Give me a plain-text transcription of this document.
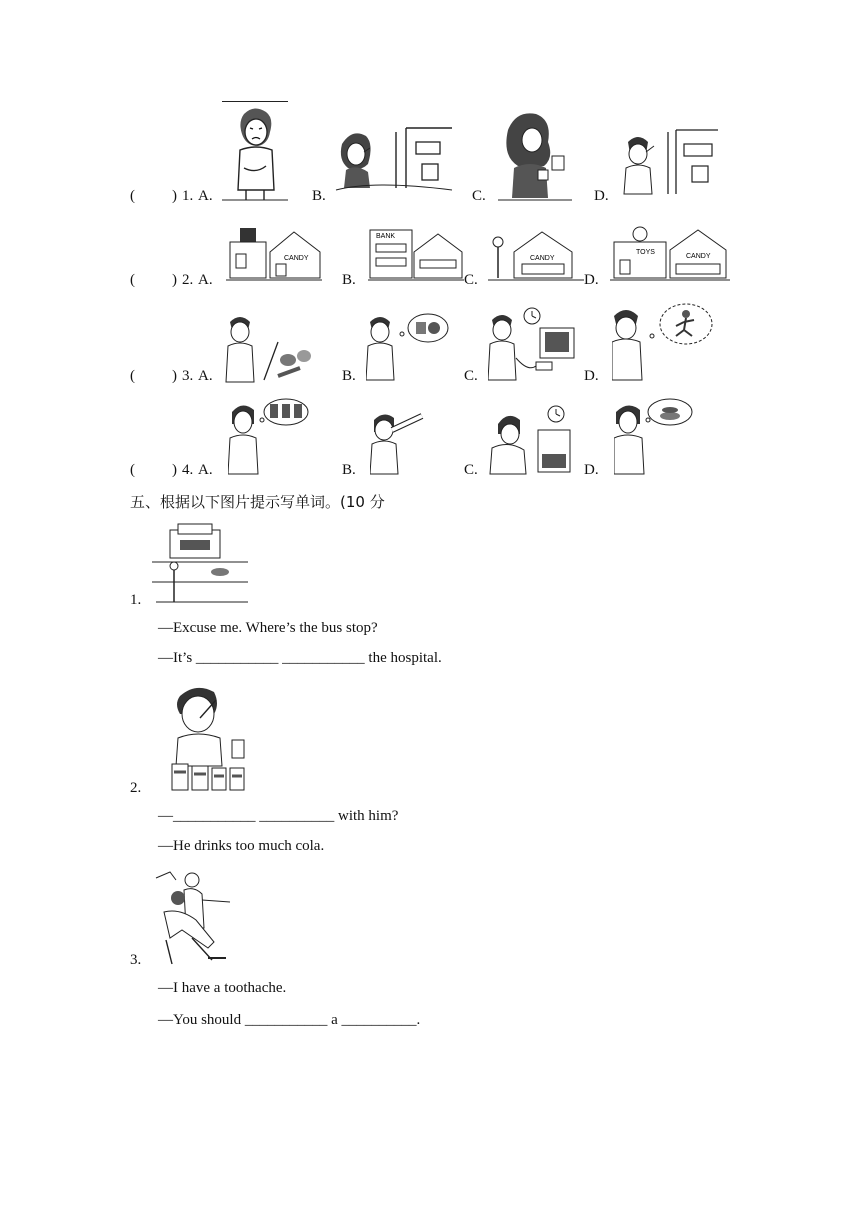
( ) 1. A.	B.	C.	D.
( ) 2. A.	B.	C.	D.
CANDY
BANK
CANDY
TOYS
CANDY
( ) 3. A.	B.	C.	D.
( ) 4. A.	B.	C.	D.
五、根据以下图片提示写单词。(10 分
1.
—Excuse me. Where’s the bus stop?
—It’s ___________ ___________ the hospital.
2.
—___________ __________ with him?
—He drinks too much cola.
3.
—I have a toothache.
—You should ___________ a __________.
